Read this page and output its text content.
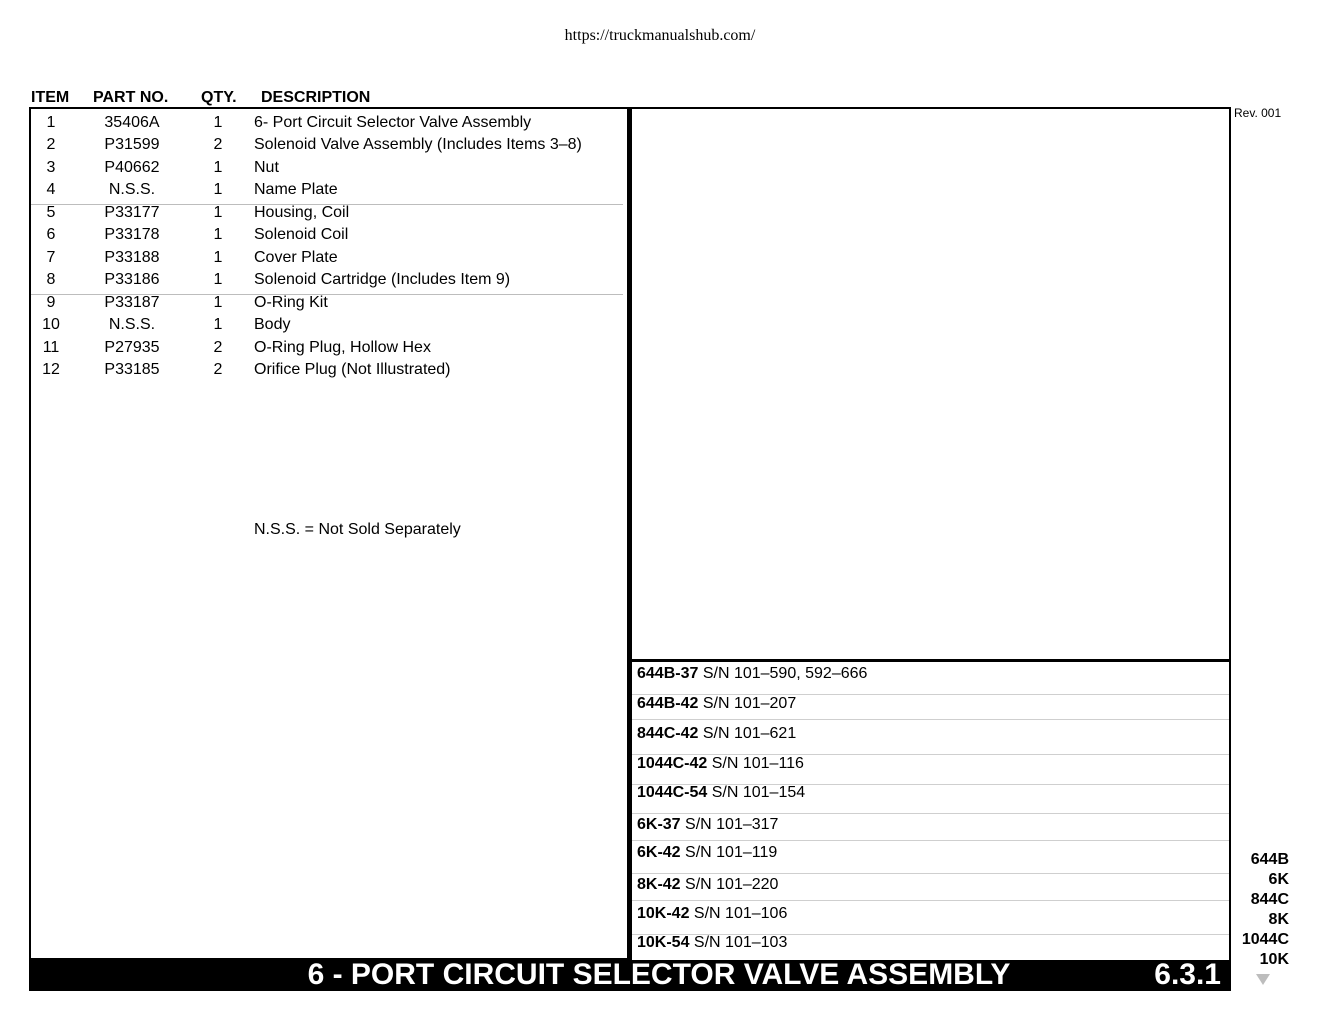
https://truckmanualshub.com/
ITEM PART NO. QTY. DESCRIPTION
1	35406A	1	6- Port Circuit Selector Valve Assembly
2	P31599	2	Solenoid Valve Assembly (Includes Items 3–8)
3	P40662	1	Nut
4	N.S.S.	1	Name Plate
5	P33177	1	Housing, Coil
6	P33178	1	Solenoid Coil
7	P33188	1	Cover Plate
8	P33186	1	Solenoid Cartridge (Includes Item 9)
9	P33187	1	O-Ring Kit
10	N.S.S.	1	Body
11	P27935	2	O-Ring Plug, Hollow Hex
12	P33185	2	Orifice Plug (Not Illustrated)
N.S.S. = Not Sold Separately
Rev. 001
644B-37 S/N 101–590, 592–666
644B-42 S/N 101–207
844C-42 S/N 101–621
1044C-42 S/N 101–116
1044C-54 S/N 101–154
6K-37 S/N 101–317
6K-42 S/N 101–119
8K-42 S/N 101–220
10K-42 S/N 101–106
10K-54 S/N 101–103
6 - PORT CIRCUIT SELECTOR VALVE ASSEMBLY	6.3.1
644B
6K
844C
8K
1044C
10K
